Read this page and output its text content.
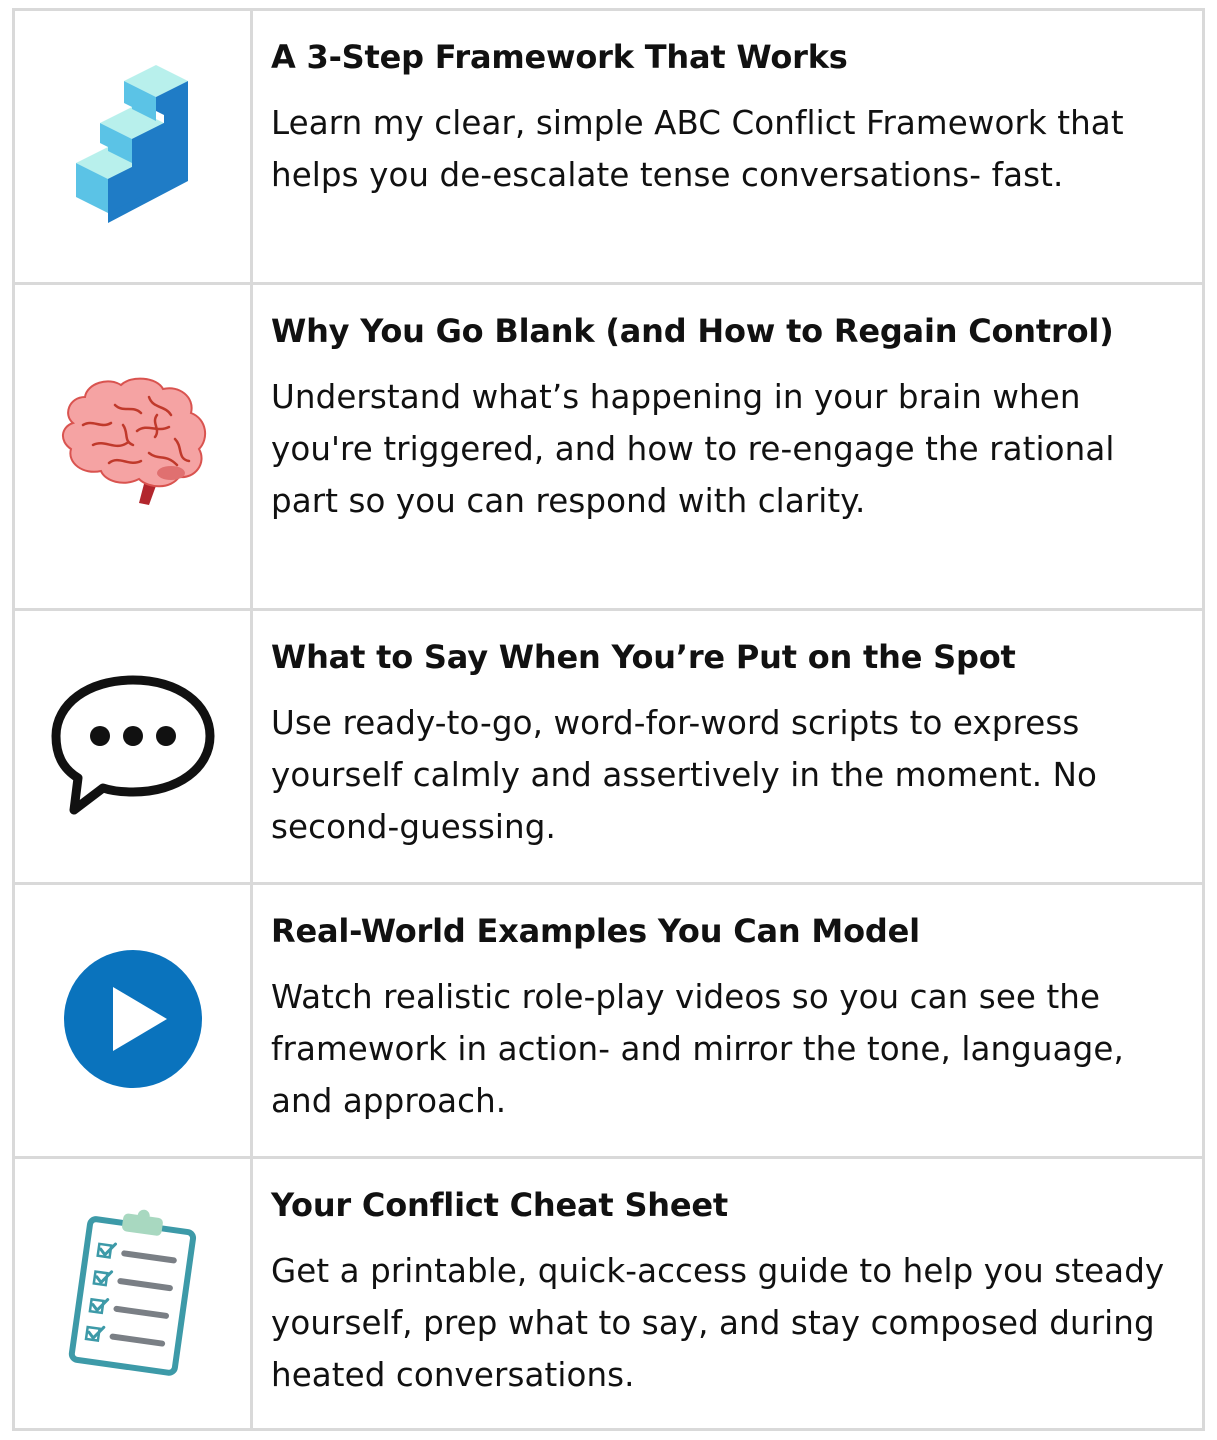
A 3-Step Framework That Works

Learn my clear, simple ABC Conflict Framework that helps you de-escalate tense conversations- fast.

Why You Go Blank (and How to Regain Control)

Understand what’s happening in your brain when you're triggered, and how to re-engage the rational part so you can respond with clarity.

What to Say When You’re Put on the Spot

Use ready-to-go, word-for-word scripts to express yourself calmly and assertively in the moment. No second-guessing.

Real-World Examples You Can Model

Watch realistic role-play videos so you can see the framework in action- and mirror the tone, language, and approach.

Your Conflict Cheat Sheet

Get a printable, quick-access guide to help you steady yourself, prep what to say, and stay composed during heated conversations.
